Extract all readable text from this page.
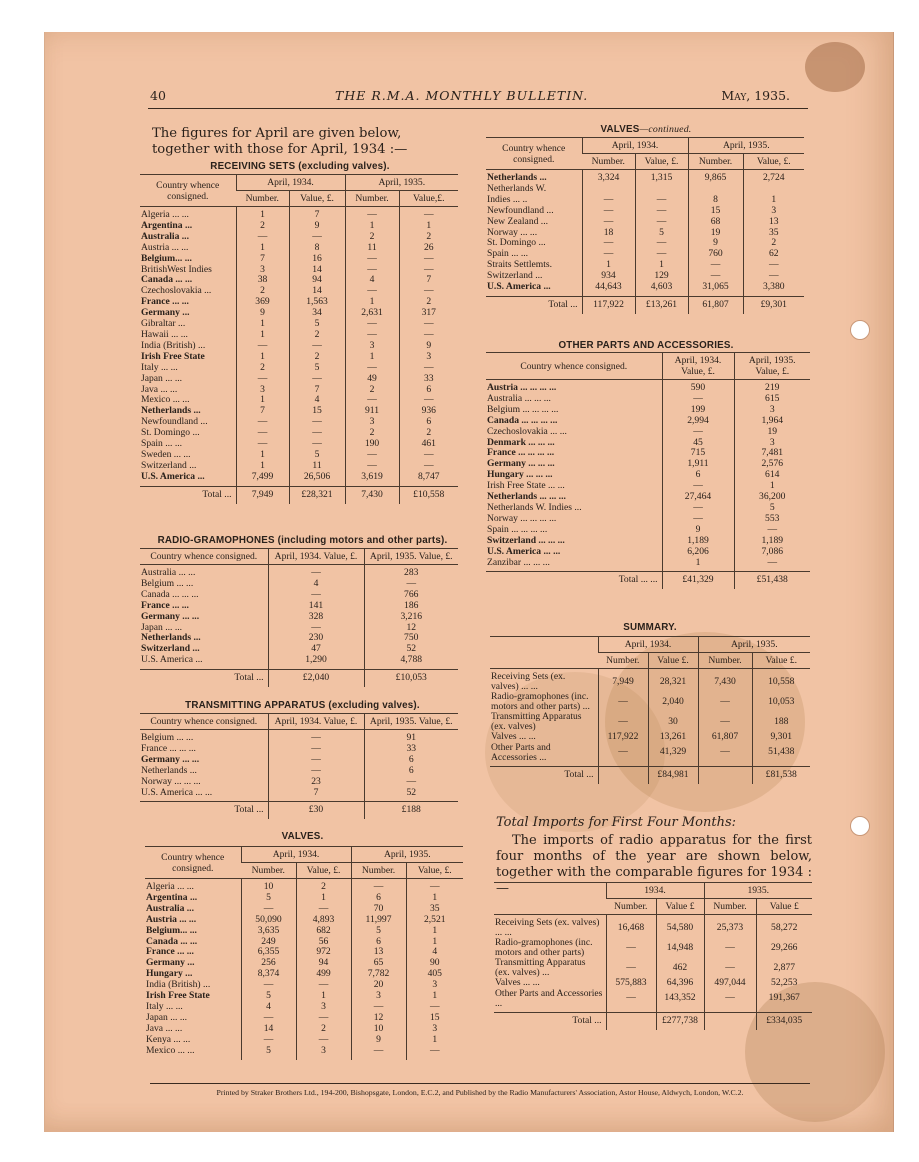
40	THE R.M.A. MONTHLY BULLETIN.	May, 1935.
The figures for April are given below, together with those for April, 1934 :—
RECEIVING SETS (excluding valves).
Country whence consigned.	April, 1934.		April, 1935.	
	Number.	Value, £.	Number.	Value,£.
Algeria ... ...	1	7	—	—
Argentina ...	2	9	1	1
Australia ...	—	—	2	2
Austria ... ...	1	8	11	26
Belgium... ...	7	16	—	—
BritishWest Indies	3	14	—	—
Canada ... ...	38	94	4	7
Czechoslovakia ...	2	14	—	—
France ... ...	369	1,563	1	2
Germany ...	9	34	2,631	317
Gibraltar ...	1	5	—	—
Hawaii ... ...	1	2	—	—
India (British) ...	—	—	3	9
Irish Free State	1	2	1	3
Italy ... ...	2	5	—	—
Japan ... ...	—	—	49	33
Java ... ...	3	7	2	6
Mexico ... ...	1	4	—	—
Netherlands ...	7	15	911	936
Newfoundland ...	—	—	3	6
St. Domingo ...	—	—	2	2
Spain ... ...	—	—	190	461
Sweden ... ...	1	5	—	—
Switzerland ...	1	11	—	—
U.S. America ...	7,499	26,506	3,619	8,747
Total ...	7,949	£28,321	7,430	£10,558
RADIO-GRAMOPHONES (including motors and other parts).
Country whence consigned.	April, 1934. Value, £.	April, 1935. Value, £.
Australia ... ...	—	283
Belgium ... ...	4	—
Canada ... ... ...	—	766
France ... ...	141	186
Germany ... ...	328	3,216
Japan ... ...	—	12
Netherlands ...	230	750
Switzerland ...	47	52
U.S. America ...	1,290	4,788
Total ...	£2,040	£10,053
TRANSMITTING APPARATUS (excluding valves).
Country whence consigned.	April, 1934. Value, £.	April, 1935. Value, £.
Belgium ... ...	—	91
France ... ... ...	—	33
Germany ... ...	—	6
Netherlands ...	—	6
Norway ... ... ...	23	—
U.S. America ... ...	7	52
Total ...	£30	£188
VALVES.
Country whence consigned.	April, 1934.		April, 1935.	
	Number.	Value, £.	Number.	Value, £.
Algeria ... ...	10	2	—	—
Argentina ...	5	1	6	1
Australia ...	—	—	70	35
Austria ... ...	50,090	4,893	11,997	2,521
Belgium... ...	3,635	682	5	1
Canada ... ...	249	56	6	1
France ... ...	6,355	972	13	4
Germany ...	256	94	65	90
Hungary ...	8,374	499	7,782	405
India (British) ...	—	—	20	3
Irish Free State	5	1	3	1
Italy ... ...	4	3	—	—
Japan ... ...	—	—	12	15
Java ... ...	14	2	10	3
Kenya ... ...	—	—	9	1
Mexico ... ...	5	3	—	—
VALVES—continued.
Country whence consigned.	April, 1934.		April, 1935.	
	Number.	Value, £.	Number.	Value, £.
Netherlands ...	3,324	1,315	9,865	2,724
Netherlands W.				
Indies ... ..	—	—	8	1
Newfoundland ...	—	—	15	3
New Zealand ...	—	—	68	13
Norway ... ...	18	5	19	35
St. Domingo ...	—	—	9	2
Spain ... ...	—	—	760	62
Straits Settlemts.	1	1	—	—
Switzerland ...	934	129	—	—
U.S. America ...	44,643	4,603	31,065	3,380
Total ...	117,922	£13,261	61,807	£9,301
OTHER PARTS AND ACCESSORIES.
Country whence consigned.	April, 1934. Value, £.	April, 1935. Value, £.
Austria ... ... ... ...	590	219
Australia ... ... ...	—	615
Belgium ... ... ... ...	199	3
Canada ... ... ... ...	2,994	1,964
Czechoslovakia ... ...	—	19
Denmark ... ... ...	45	3
France ... ... ... ...	715	7,481
Germany ... ... ...	1,911	2,576
Hungary ... ... ...	6	614
Irish Free State ... ...	—	1
Netherlands ... ... ...	27,464	36,200
Netherlands W. Indies ...	—	5
Norway ... ... ... ...	—	553
Spain ... ... ... ...	9	—
Switzerland ... ... ...	1,189	1,189
U.S. America ... ...	6,206	7,086
Zanzibar ... ... ...	1	—
Total ... ...	£41,329	£51,438
SUMMARY.
	April, 1934.		April, 1935.	
	Number.	Value £.	Number.	Value £.
Receiving Sets (ex. valves) ... ...	7,949	28,321	7,430	10,558
Radio-gramophones (inc. motors and other parts) ...	—	2,040	—	10,053
Transmitting Apparatus (ex. valves)	—	30	—	188
Valves ... ...	117,922	13,261	61,807	9,301
Other Parts and Accessories ...	—	41,329	—	51,438
Total ...		£84,981		£81,538
Total Imports for First Four Months:
The imports of radio apparatus for the first four months of the year are shown below, together with the comparable figures for 1934 :—
		1934.		1935.	
	Number.	Value £	Number.	Value £
Receiving Sets (ex. valves) ... ...	16,468	54,580	25,373	58,272
Radio-gramophones (inc. motors and other parts)	—	14,948	—	29,266
Transmitting Apparatus (ex. valves) ...	—	462	—	2,877
Valves ... ...	575,883	64,396	497,044	52,253
Other Parts and Accessories ...	—	143,352	—	191,367
Total ...		£277,738		£334,035
Printed by Straker Brothers Ltd., 194-200, Bishopsgate, London, E.C.2, and Published by the Radio Manufacturers' Association, Astor House, Aldwych, London, W.C.2.
